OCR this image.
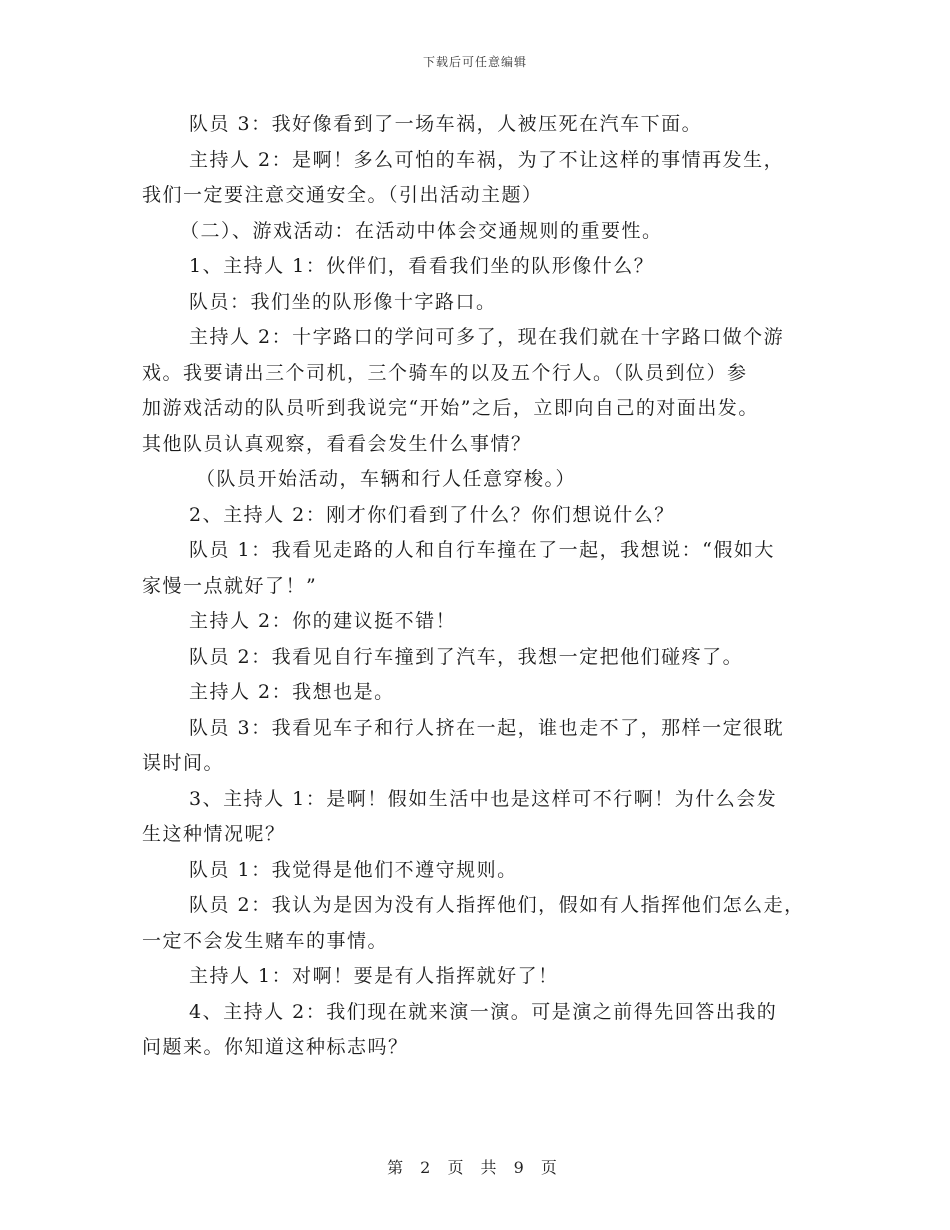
下载后可任意编辑

队员 3：我好像看到了一场车祸，人被压死在汽车下面。

主持人 2：是啊！多么可怕的车祸，为了不让这样的事情再发生，

我们一定要注意交通安全。（引出活动主题）

（二）、游戏活动：在活动中体会交通规则的重要性。

1、主持人 1：伙伴们，看看我们坐的队形像什么？

队员：我们坐的队形像十字路口。

主持人 2：十字路口的学问可多了，现在我们就在十字路口做个游

戏。我要请出三个司机，三个骑车的以及五个行人。（队员到位）参

加游戏活动的队员听到我说完“开始”之后，立即向自己的对面出发。

其他队员认真观察，看看会发生什么事情？

（队员开始活动，车辆和行人任意穿梭。）

2、主持人 2：刚才你们看到了什么？你们想说什么？

队员 1：我看见走路的人和自行车撞在了一起，我想说：“假如大

家慢一点就好了！”

主持人 2：你的建议挺不错！

队员 2：我看见自行车撞到了汽车，我想一定把他们碰疼了。

主持人 2：我想也是。

队员 3：我看见车子和行人挤在一起，谁也走不了，那样一定很耽

误时间。

3、主持人 1：是啊！假如生活中也是这样可不行啊！为什么会发

生这种情况呢？

队员 1：我觉得是他们不遵守规则。

队员 2：我认为是因为没有人指挥他们，假如有人指挥他们怎么走，

一定不会发生赌车的事情。

主持人 1：对啊！要是有人指挥就好了！

4、主持人 2：我们现在就来演一演。可是演之前得先回答出我的

问题来。你知道这种标志吗？

第 2 页 共 9 页
